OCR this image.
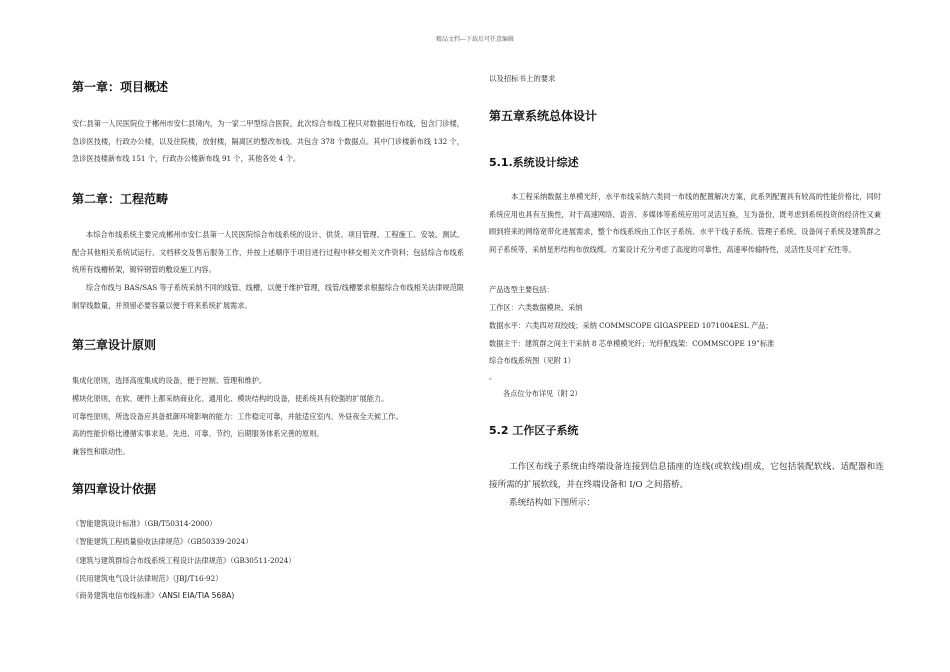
精品文档---下载后可任意编辑
第一章：项目概述

安仁县第一人民医院位于郴州市安仁县境内，为一家二甲型综合医院，此次综合布线工程只对数据进行布线，包含门诊楼，急诊医技楼，行政办公楼，以及住院楼，放射楼，隔离区的整改布线。共包含 378 个数据点。其中门诊楼新布线 132 个，急诊医技楼新布线 151 个，行政办公楼新布线 91 个，其他各处 4 个。

第二章：工程范畴

本综合布线系统主要完成郴州市安仁县第一人民医院综合布线系统的设计、供货、项目管理、工程施工、安装、测试、配合其他相关系统试运行、文档移交及售后服务工作，并按上述顺序于项目进行过程中移交相关文件资料；包括综合布线系统所有线槽桥架，镀锌钢管的敷设施工内容。

综合布线与 BAS/SAS 等子系统采纳不同的线管、线槽，以便于维护管理，线管/线槽要求根据综合布线相关法律规范限制穿线数量，并预留必要容量以便于将来系统扩展需求。

第三章设计原则
集成化原则，选择高度集成的设备，便于控制、管理和维护。
模块化原则，在软、硬件上都采纳商业化、通用化、模块结构的设备，使系统具有较强的扩展能力。
可靠性原则，所选设备应具备抵御环境影响的能力：工作稳定可靠，并能适应室内、外昼夜全天候工作。
高的性能价格比遵循实事求是、先进、可靠、节约，后期服务体系完善的原则。
兼容性和联动性。
第四章设计依据
《智能建筑设计标准》（GB/T50314-2000）
《智能建筑工程质量验收法律规范》（GB50339-2024）
《建筑与建筑群综合布线系统工程设计法律规范》（GB30511-2024）
《民用建筑电气设计法律规范》（JBJ/T16-92）
《商务建筑电信布线标准》（ANSI EIA/TIA 568A)
以及招标书上的要求
第五章系统总体设计
5.1.系统设计综述

本工程采纳数据主单模光纤，水平布线采纳六类同一布线的配置解决方案，此系列配置具有较高的性能价格比，同时系统应用也具有互换性，对于高速网络、语音、多媒体等系统应用可灵活互换，互为备份，既考虑到系统投资的经济性又兼顾到将来的网络宽带化进展需求，整个布线系统由工作区子系统、水平干线子系统、管理子系统、设备间子系统及建筑群之间子系统等，采纳星形结构布放线缆。方案设计充分考虑了高度的可靠性，高速率传输特性，灵活性及可扩充性等。

产品选型主要包括：
工作区：六类数据模块、采纳
数据水平：六类四对双绞线；采纳 COMMSCOPE GIGASPEED 1071004ESL 产品；
数据主干：建筑群之间主干采纳 8 芯单模模光纤；光纤配线架：COMMSCOPE 19”标准
综合布线系统图（见附 1）
。
各点位分布详见（附 2）
5.2 工作区子系统

工作区布线子系统由终端设备连接到信息插座的连线(或软线)组成，它包括装配软线、适配器和连接所需的扩展软线，并在终端设备和 I/O 之间搭桥。

系统结构如下图所示：
